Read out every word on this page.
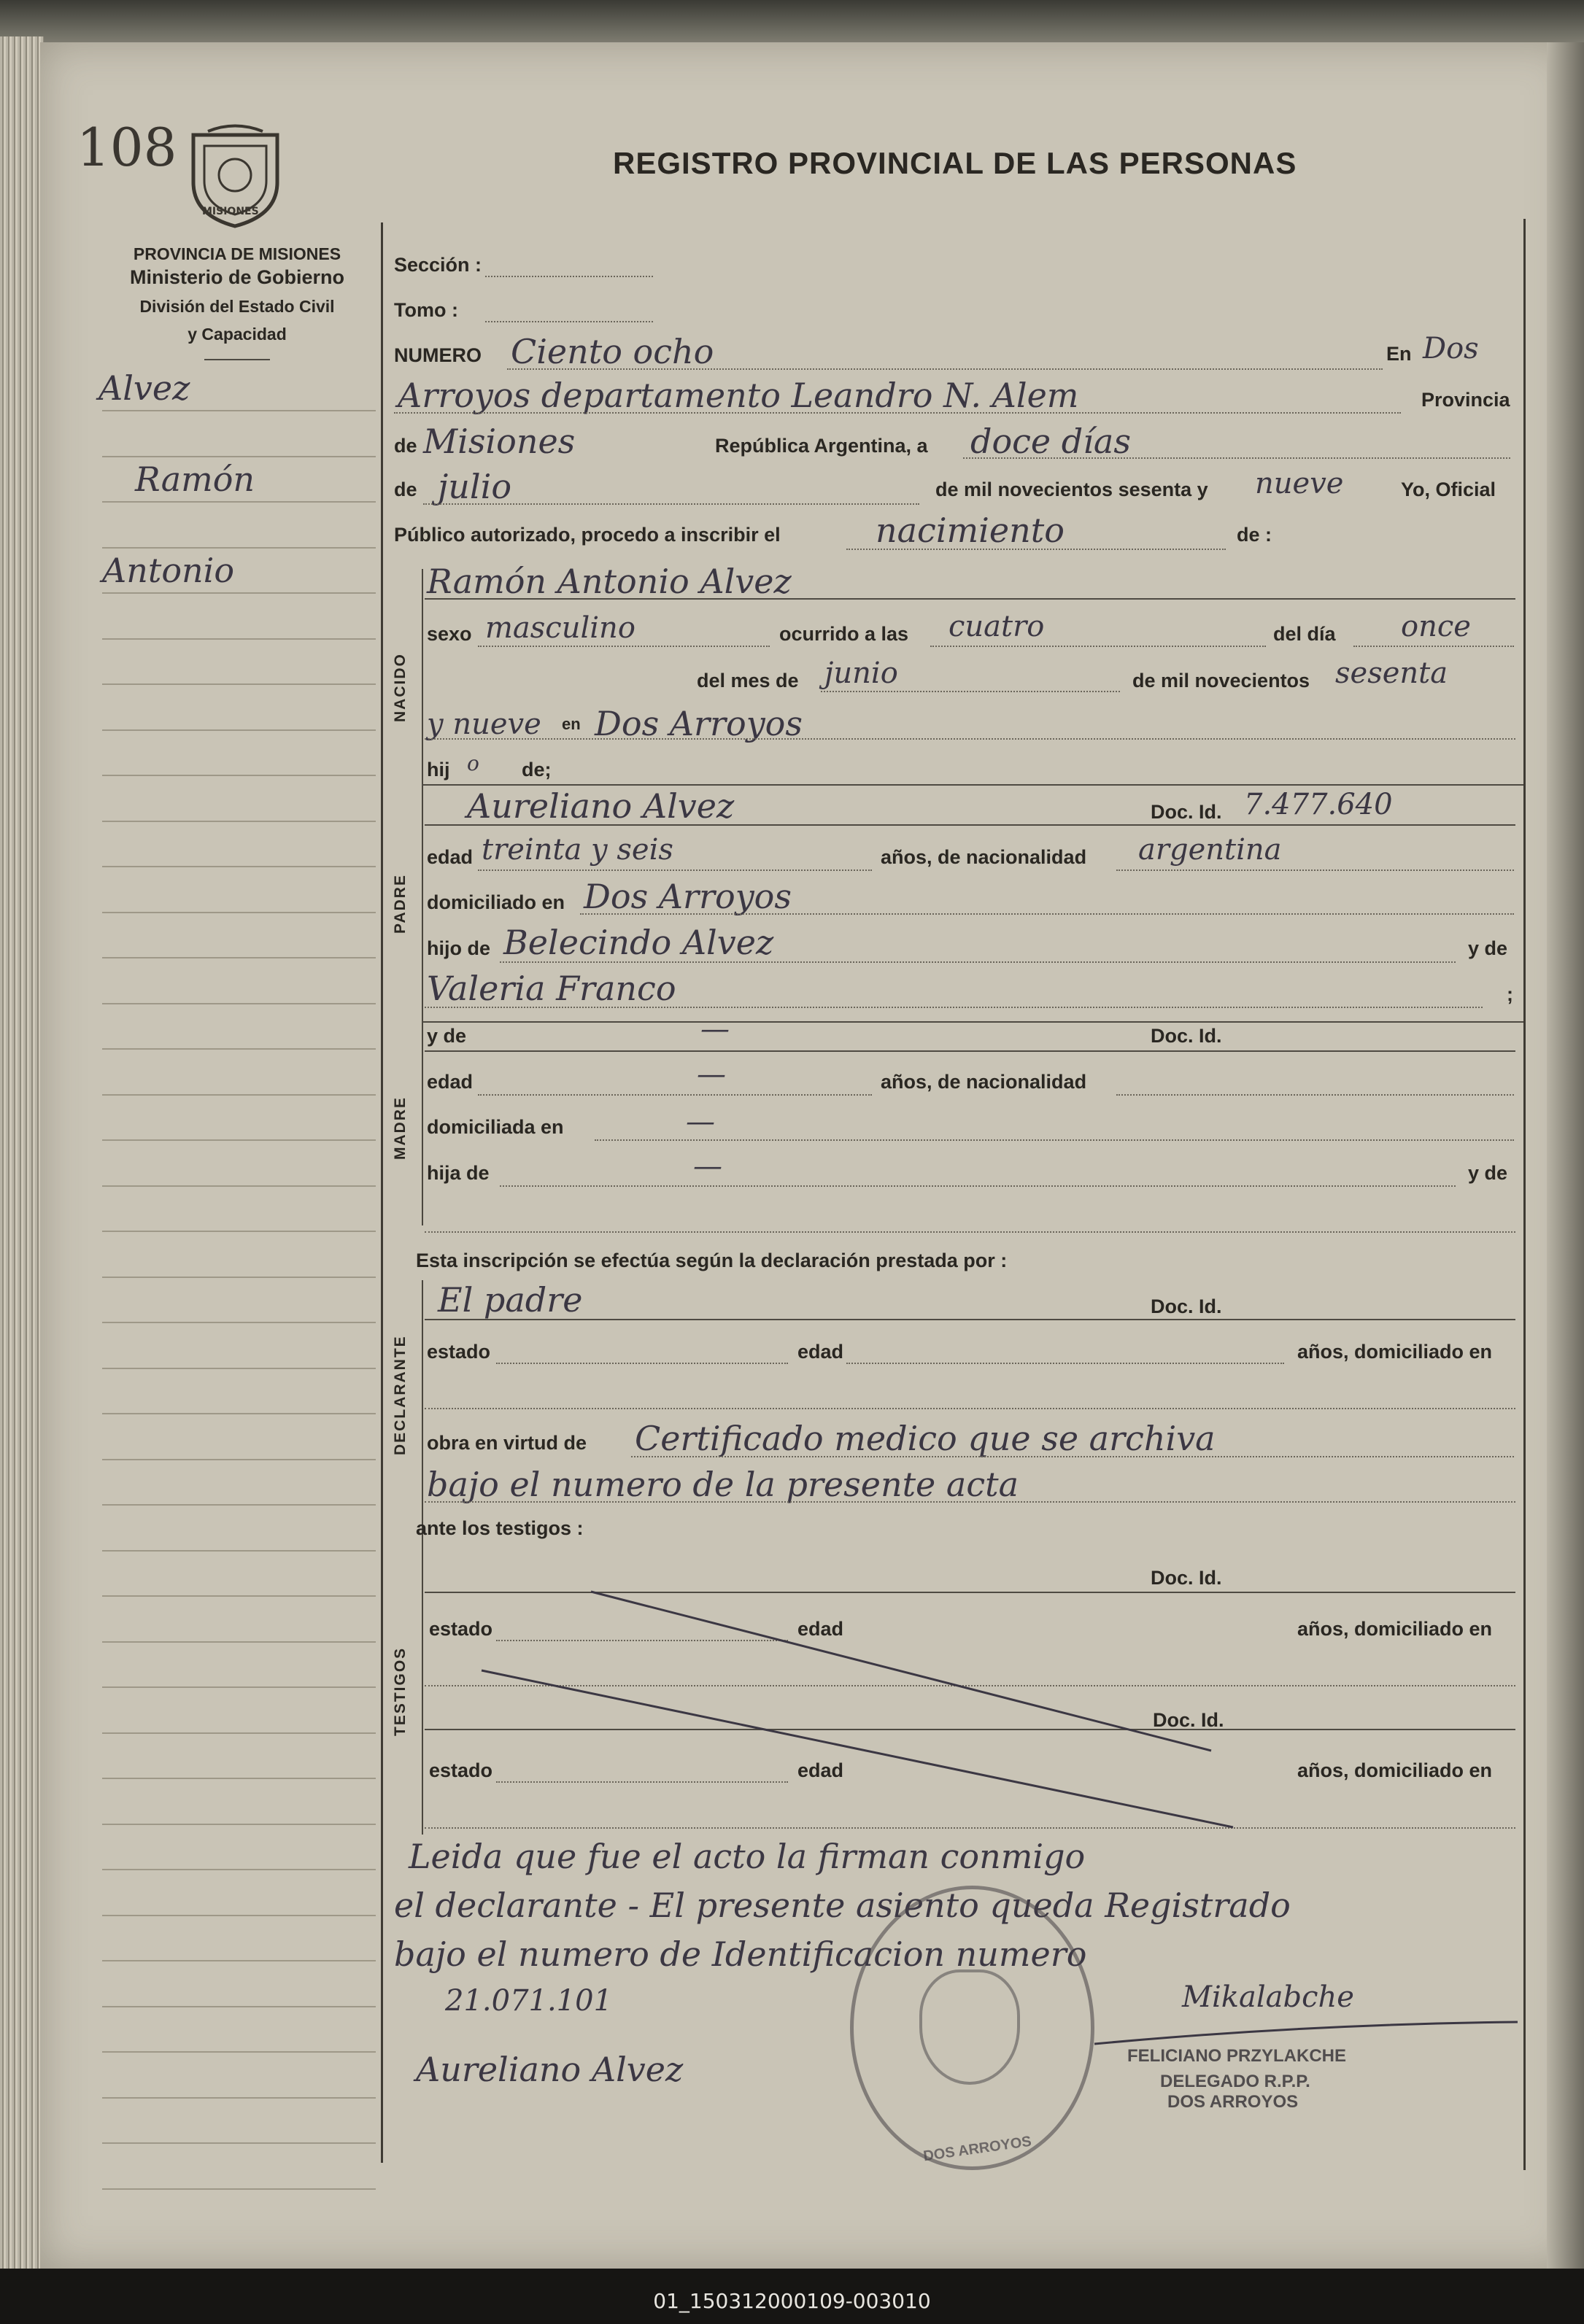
108
MISIONES
REGISTRO PROVINCIAL DE LAS PERSONAS
PROVINCIA DE MISIONES
Ministerio de Gobierno
División del Estado Civil
y Capacidad
Alvez
Ramón
Antonio
Sección :
Tomo :
NUMERO Ciento ocho	En Dos
Arroyos departamento Leandro N. Alem	Provincia
de Misiones	República Argentina, a doce días
de julio	de mil novecientos sesenta y nueve	Yo, Oficial
Público autorizado, procedo a inscribir el	nacimiento	de :
NACIDO
Ramón Antonio Alvez
sexo masculino	ocurrido a las cuatro	del día once
del mes de junio	de mil novecientos sesenta
y nueve en Dos Arroyos
hij o de;
PADRE
Aureliano Alvez	Doc. Id. 7.477.640
edad treinta y seis	años, de nacionalidad argentina
domiciliado en Dos Arroyos
hijo de Belecindo Alvez	y de
Valeria Franco	;
MADRE
y de	—	Doc. Id.
edad	—	años, de nacionalidad
domiciliada en	—
hija de	—	y de
Esta inscripción se efectúa según la declaración prestada por :
DECLARANTE
El padre	Doc. Id.
estado	edad	años, domiciliado en
obra en virtud de Certificado medico que se archiva
bajo el numero de la presente acta
ante los testigos :
TESTIGOS
Doc. Id.
estado	edad	años, domiciliado en
Doc. Id.
estado	edad	años, domiciliado en
Leida que fue el acto la firman conmigo
el declarante - El presente asiento queda Registrado
bajo el numero de Identificacion numero
21.071.101
Aureliano Alvez
Mikalabche
FELICIANO PRZYLAKCHE
DELEGADO R.P.P.
DOS ARROYOS
DOS ARROYOS
01_150312000109-003010
